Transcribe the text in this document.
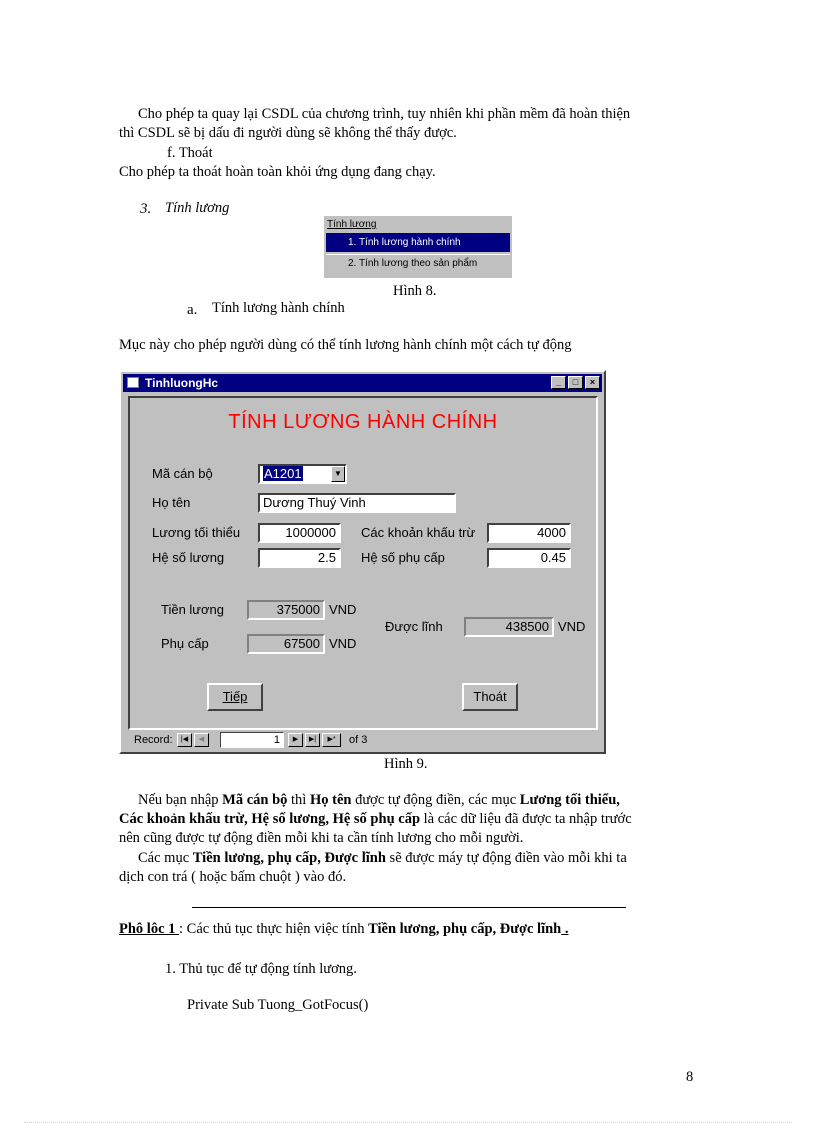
Cho phép ta quay lại CSDL của chương trình, tuy nhiên khi phần mềm đã hoàn thiện
thì CSDL sẽ bị dấu đi người dùng sẽ không thể thấy được.
f. Thoát
Cho phép ta thoát hoàn toàn khỏi ứng dụng đang chạy.
3. Tính lương
Tính lương
1. Tính lương hành chính
2. Tính lương theo sản phẩm
Hình 8.
a. Tính lương hành chính
Mục này cho phép người dùng có thể tính lương hành chính một cách tự động
TinhluongHc	_	□	×
TÍNH LƯƠNG HÀNH CHÍNH
Mã cán bộ	A1201	▼
Họ tên	Dương Thuý Vinh
Lương tối thiểu	1000000	Các khoản khấu trừ	4000
Hệ số lương	2.5	Hệ số phụ cấp	0.45
Tiền lương	375000 VND
Phụ cấp	67500 VND
Được lĩnh	438500 VND
Tiếp	Thoát
Record:	|◀	◀	1	▶	▶|	▶*	of 3
Hình 9.
Nếu bạn nhập Mã cán bộ thì Họ tên được tự động điền, các mục Lương tối thiểu,
Các khoản khấu trừ, Hệ số lương, Hệ số phụ cấp là các dữ liệu đã được ta nhập trước
nên cũng được tự động điền mỗi khi ta cần tính lương cho mỗi người.
Các mục Tiền lương, phụ cấp, Được lĩnh sẽ được máy tự động điền vào mỗi khi ta
dịch con trá ( hoặc bấm chuột ) vào đó.
Phô lôc 1 : Các thủ tục thực hiện việc tính Tiền lương, phụ cấp, Được lĩnh .
1. Thủ tục để tự động tính lương.
Private Sub Tuong_GotFocus()
8
